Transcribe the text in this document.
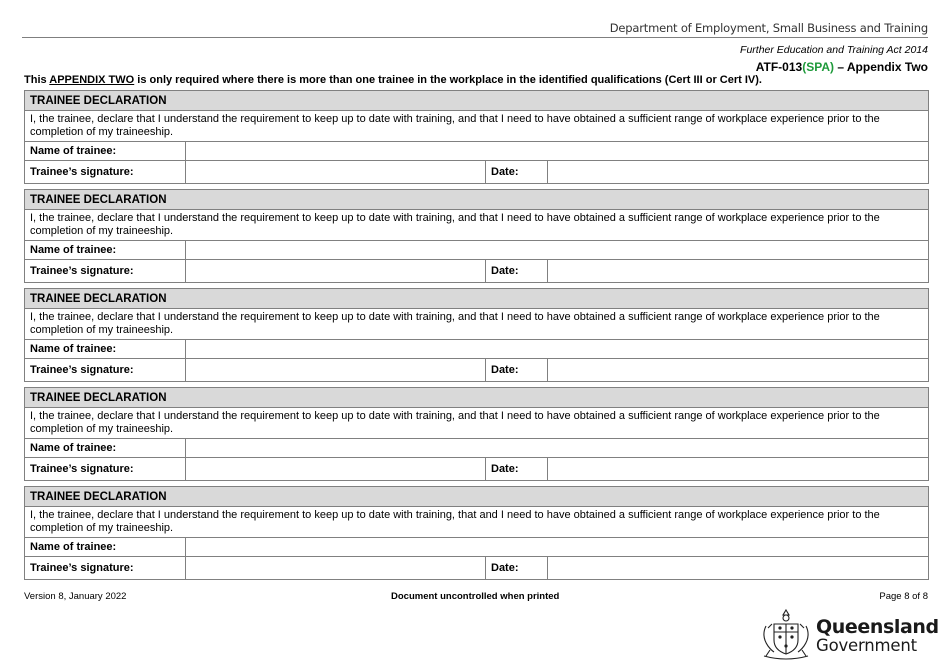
Department of Employment, Small Business and Training
Further Education and Training Act 2014
ATF-013(SPA) – Appendix Two
This APPENDIX TWO is only required where there is more than one trainee in the workplace in the identified qualifications (Cert III or Cert IV).
TRAINEE DECLARATION			
I, the trainee, declare that I understand the requirement to keep up to date with training, and that I need to have obtained a sufficient range of workplace experience prior to the completion of my traineeship.			
Name of trainee:			
Trainee’s signature:		Date:	
TRAINEE DECLARATION			
I, the trainee, declare that I understand the requirement to keep up to date with training, and that I need to have obtained a sufficient range of workplace experience prior to the completion of my traineeship.			
Name of trainee:			
Trainee’s signature:		Date:	
TRAINEE DECLARATION			
I, the trainee, declare that I understand the requirement to keep up to date with training, and that I need to have obtained a sufficient range of workplace experience prior to the completion of my traineeship.			
Name of trainee:			
Trainee’s signature:		Date:	
TRAINEE DECLARATION			
I, the trainee, declare that I understand the requirement to keep up to date with training, and that I need to have obtained a sufficient range of workplace experience prior to the completion of my traineeship.			
Name of trainee:			
Trainee’s signature:		Date:	
TRAINEE DECLARATION			
I, the trainee, declare that I understand the requirement to keep up to date with training, that and I need to have obtained a sufficient range of workplace experience prior to the completion of my traineeship.			
Name of trainee:			
Trainee’s signature:		Date:	
Version 8, January 2022	Document uncontrolled when printed	Page 8 of 8
Queensland
Government
